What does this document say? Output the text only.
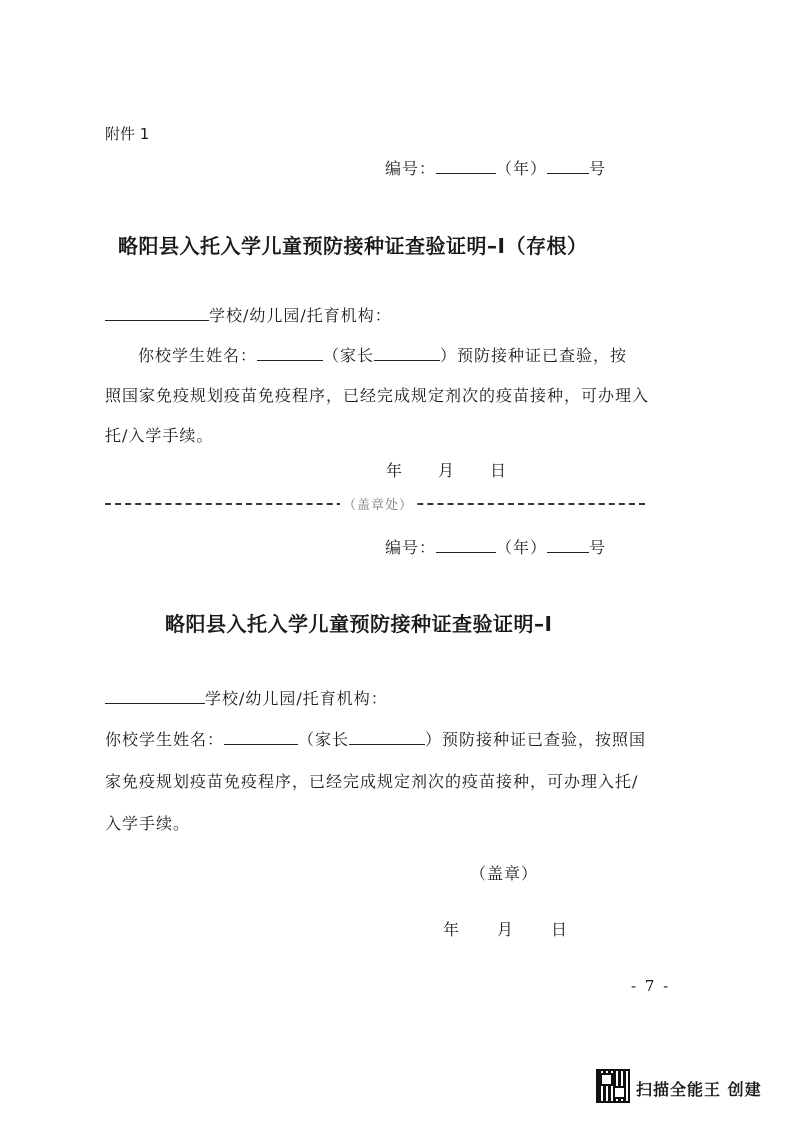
附件 1
编号：	（年）	号
略阳县入托入学儿童预防接种证查验证明–I（存根）
学校/幼儿园/托育机构：
你校学生姓名：	（家长	）预防接种证已查验，按
照国家免疫规划疫苗免疫程序，已经完成规定剂次的疫苗接种，可办理入
托/入学手续。
年 月 日
（盖章处）
编号：	（年）	号
略阳县入托入学儿童预防接种证查验证明–I
学校/幼儿园/托育机构：
你校学生姓名：	（家长	）预防接种证已查验，按照国
家免疫规划疫苗免疫程序，已经完成规定剂次的疫苗接种，可办理入托/
入学手续。
（盖章）
年 月 日
- 7 -
扫描全能王 创建
